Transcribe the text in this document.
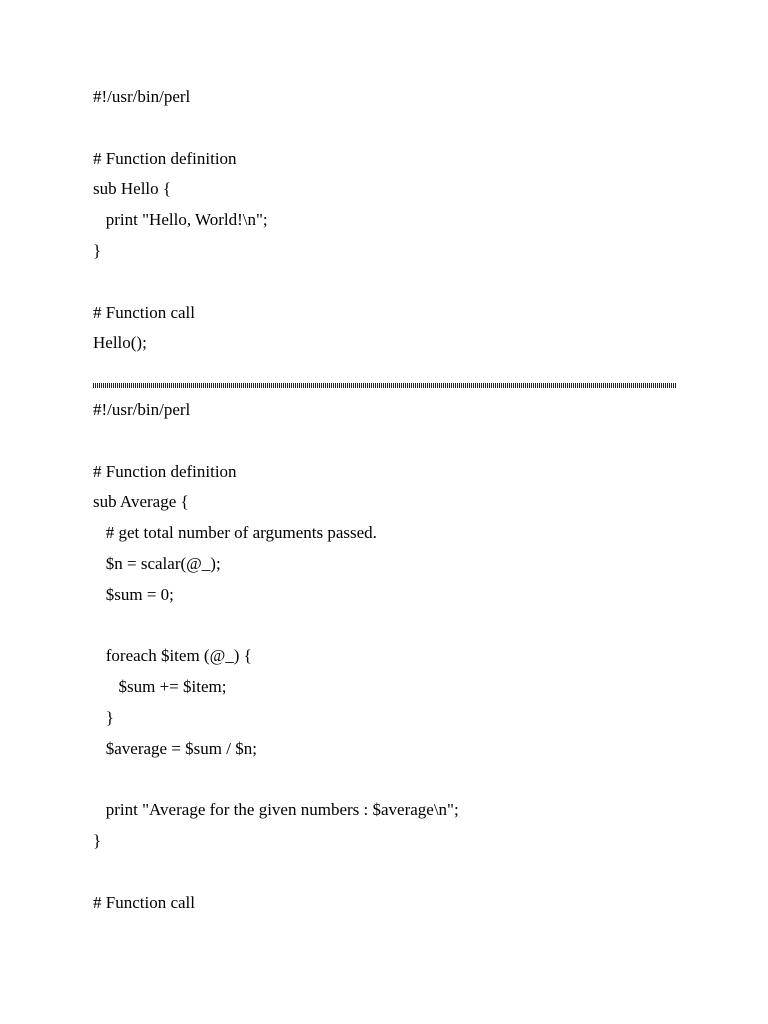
#!/usr/bin/perl
# Function definition
sub Hello {
print "Hello, World!\n";
}
# Function call
Hello();
#!/usr/bin/perl
# Function definition
sub Average {
# get total number of arguments passed.
$n = scalar(@_);
$sum = 0;
foreach $item (@_) {
$sum += $item;
}
$average = $sum / $n;
print "Average for the given numbers : $average\n";
}
# Function call
